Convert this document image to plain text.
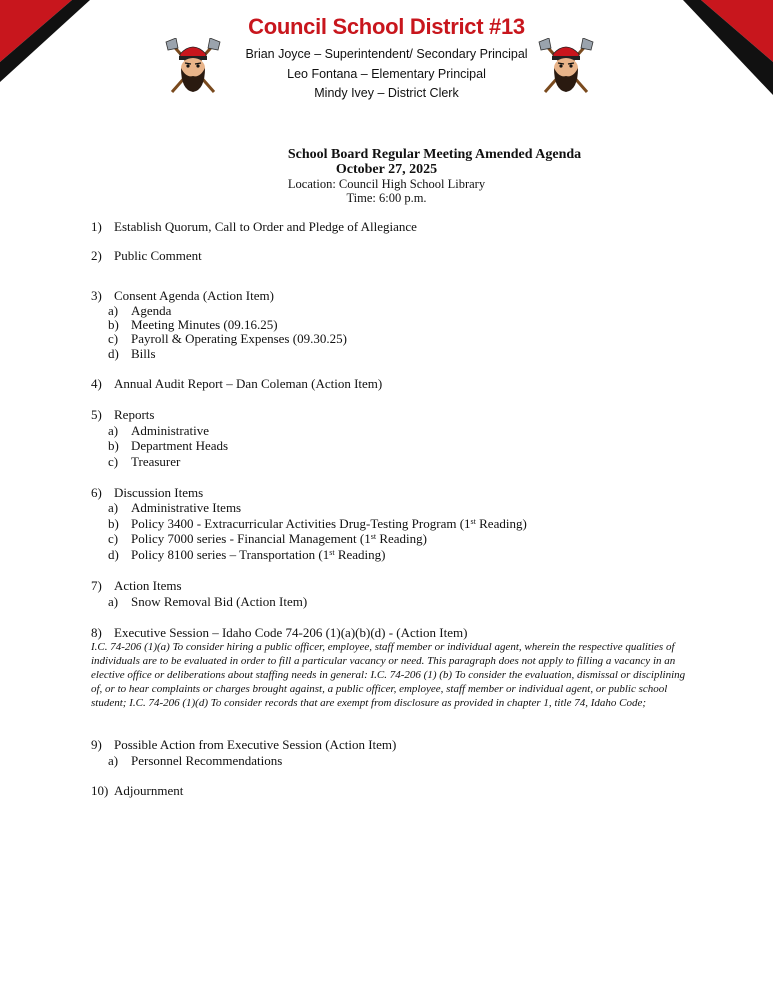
Council School District #13
Brian Joyce – Superintendent/ Secondary Principal
Leo Fontana – Elementary Principal
Mindy Ivey – District Clerk
School Board Regular Meeting Amended Agenda
October 27, 2025
Location: Council High School Library
Time: 6:00 p.m.
1) Establish Quorum, Call to Order and Pledge of Allegiance
2) Public Comment
3) Consent Agenda (Action Item)
a) Agenda
b) Meeting Minutes (09.16.25)
c) Payroll & Operating Expenses (09.30.25)
d) Bills
4) Annual Audit Report – Dan Coleman (Action Item)
5) Reports
a) Administrative
b) Department Heads
c) Treasurer
6) Discussion Items
a) Administrative Items
b) Policy 3400 - Extracurricular Activities Drug-Testing Program (1st Reading)
c) Policy 7000 series - Financial Management (1st Reading)
d) Policy 8100 series – Transportation (1st Reading)
7) Action Items
a) Snow Removal Bid (Action Item)
8) Executive Session – Idaho Code 74-206 (1)(a)(b)(d) - (Action Item)
I.C. 74-206 (1)(a) To consider hiring a public officer, employee, staff member or individual agent, wherein the respective qualities of individuals are to be evaluated in order to fill a particular vacancy or need. This paragraph does not apply to filling a vacancy in an elective office or deliberations about staffing needs in general: I.C. 74-206 (1) (b) To consider the evaluation, dismissal or disciplining of, or to hear complaints or charges brought against, a public officer, employee, staff member or individual agent, or public school student; I.C. 74-206 (1)(d) To consider records that are exempt from disclosure as provided in chapter 1, title 74, Idaho Code;
9) Possible Action from Executive Session (Action Item)
a) Personnel Recommendations
10) Adjournment
